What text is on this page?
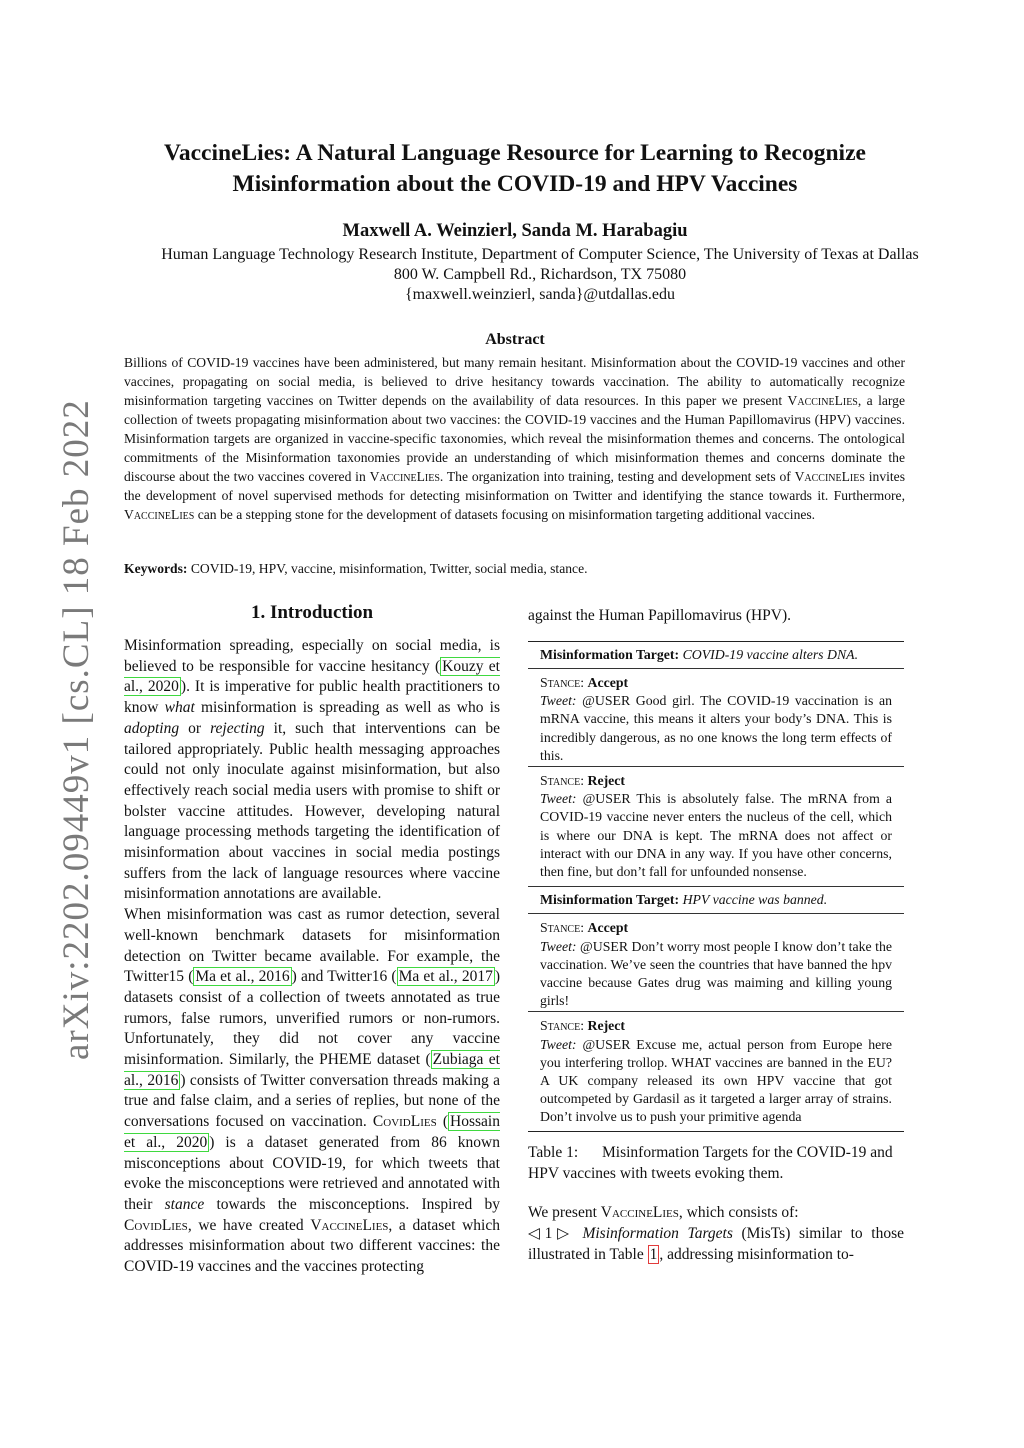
arXiv:2202.09449v1 [cs.CL] 18 Feb 2022
VaccineLies: A Natural Language Resource for Learning to Recognize Misinformation about the COVID-19 and HPV Vaccines
Maxwell A. Weinzierl, Sanda M. Harabagiu
Human Language Technology Research Institute, Department of Computer Science, The University of Texas at Dallas
800 W. Campbell Rd., Richardson, TX 75080
{maxwell.weinzierl, sanda}@utdallas.edu
Abstract
Billions of COVID-19 vaccines have been administered, but many remain hesitant. Misinformation about the COVID-19 vaccines and other vaccines, propagating on social media, is believed to drive hesitancy towards vaccination. The ability to automatically recognize misinformation targeting vaccines on Twitter depends on the availability of data resources. In this paper we present VaccineLies, a large collection of tweets propagating misinformation about two vaccines: the COVID-19 vaccines and the Human Papillomavirus (HPV) vaccines. Misinformation targets are organized in vaccine-specific taxonomies, which reveal the misinformation themes and concerns. The ontological commitments of the Misinformation taxonomies provide an understanding of which misinformation themes and concerns dominate the discourse about the two vaccines covered in VaccineLies. The organization into training, testing and development sets of VaccineLies invites the development of novel supervised methods for detecting misinformation on Twitter and identifying the stance towards it. Furthermore, VaccineLies can be a stepping stone for the development of datasets focusing on misinformation targeting additional vaccines.
Keywords: COVID-19, HPV, vaccine, misinformation, Twitter, social media, stance.
1. Introduction

Misinformation spreading, especially on social media, is believed to be responsible for vaccine hesitancy ( Kouzy et al., 2020 ). It is imperative for public health practitioners to know what misinformation is spreading as well as who is adopting or rejecting it, such that interventions can be tailored appropriately. Public health messaging approaches could not only inoculate against misinformation, but also effectively reach social media users with promise to shift or bolster vaccine attitudes. However, developing natural language processing methods targeting the identification of misinformation about vaccines in social media postings suffers from the lack of language resources where vaccine misinformation annotations are available.

When misinformation was cast as rumor detection, several well-known benchmark datasets for misinformation detection on Twitter became available. For example, the Twitter15 ( Ma et al., 2016 ) and Twitter16 ( Ma et al., 2017 ) datasets consist of a collection of tweets annotated as true rumors, false rumors, unverified rumors or non-rumors. Unfortunately, they did not cover any vaccine misinformation. Similarly, the PHEME dataset ( Zubiaga et al., 2016 ) consists of Twitter conversation threads making a true and false claim, and a series of replies, but none of the conversations focused on vaccination. CovidLies ( Hossain et al., 2020 ) is a dataset generated from 86 known misconceptions about COVID-19, for which tweets that evoke the misconceptions were retrieved and annotated with their stance towards the misconceptions. Inspired by CovidLies, we have created VaccineLies, a dataset which addresses misinformation about two different vaccines: the COVID-19 vaccines and the vaccines protecting

against the Human Papillomavirus (HPV).

Misinformation Target: COVID-19 vaccine alters DNA.
Stance: Accept
Tweet: @USER Good girl. The COVID-19 vaccination is an mRNA vaccine, this means it alters your body’s DNA. This is incredibly dangerous, as no one knows the long term effects of this.
Stance: Reject
Tweet: @USER This is absolutely false. The mRNA from a COVID-19 vaccine never enters the nucleus of the cell, which is where our DNA is kept. The mRNA does not affect or interact with our DNA in any way. If you have other concerns, then fine, but don’t fall for unfounded nonsense.
Misinformation Target: HPV vaccine was banned.
Stance: Accept
Tweet: @USER Don’t worry most people I know don’t take the vaccination. We’ve seen the countries that have banned the hpv vaccine because Gates drug was maiming and killing young girls!
Stance: Reject
Tweet: @USER Excuse me, actual person from Europe here you interfering trollop. WHAT vaccines are banned in the EU? A UK company released its own HPV vaccine that got outcompeted by Gardasil as it targeted a larger array of strains. Don’t involve us to push your primitive agenda
Table 1: Misinformation Targets for the COVID-19 and HPV vaccines with tweets evoking them.
We present VaccineLies, which consists of:
◁1▷ Misinformation Targets (MisTs) similar to those illustrated in Table 1 , addressing misinformation to-
